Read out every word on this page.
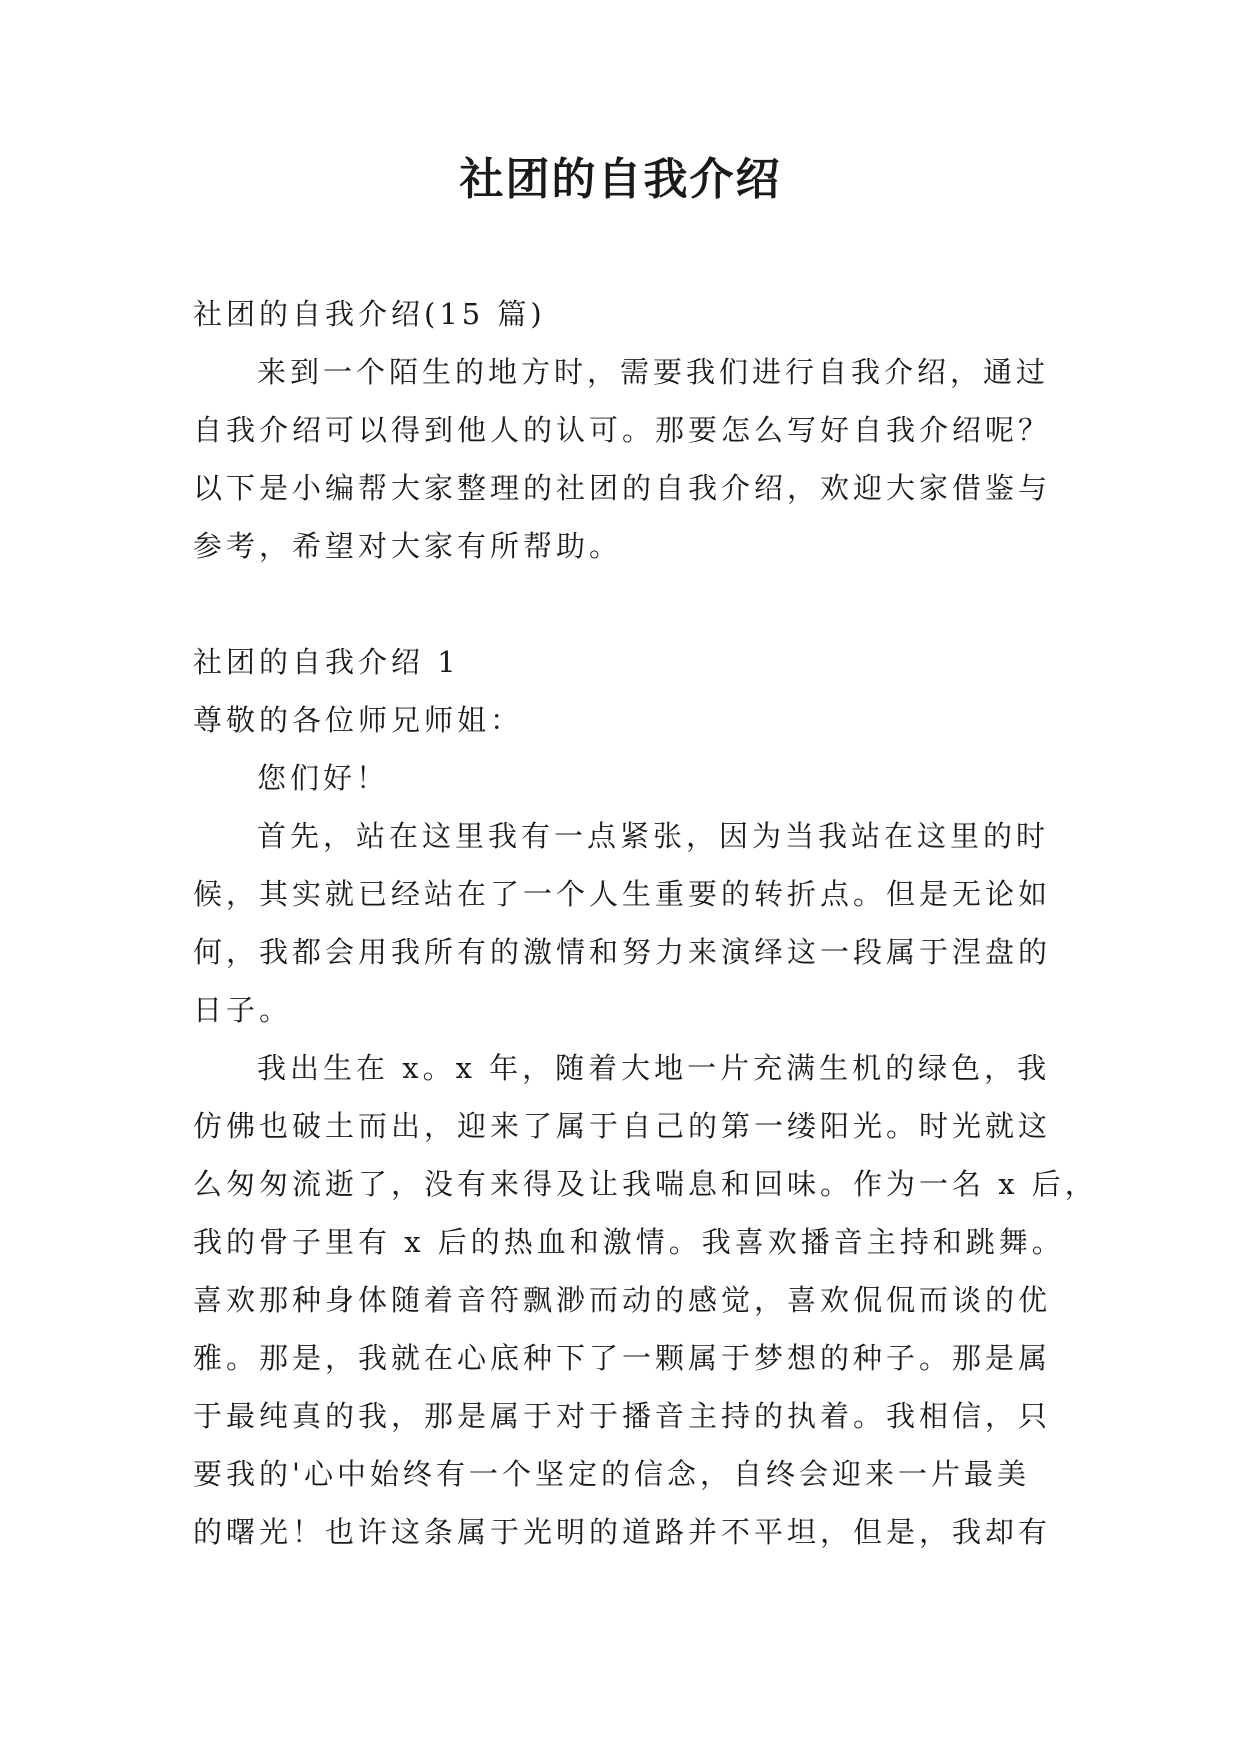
社团的自我介绍
社团的自我介绍(15 篇)
来到一个陌生的地方时，需要我们进行自我介绍，通过
自我介绍可以得到他人的认可。那要怎么写好自我介绍呢？
以下是小编帮大家整理的社团的自我介绍，欢迎大家借鉴与
参考，希望对大家有所帮助。
社团的自我介绍 1
尊敬的各位师兄师姐：
您们好！
首先，站在这里我有一点紧张，因为当我站在这里的时
候，其实就已经站在了一个人生重要的转折点。但是无论如
何，我都会用我所有的激情和努力来演绎这一段属于涅盘的
日子。
我出生在 x。x 年，随着大地一片充满生机的绿色，我
仿佛也破土而出，迎来了属于自己的第一缕阳光。时光就这
么匆匆流逝了，没有来得及让我喘息和回味。作为一名 x 后，
我的骨子里有 x 后的热血和激情。我喜欢播音主持和跳舞。
喜欢那种身体随着音符飘渺而动的感觉，喜欢侃侃而谈的优
雅。那是，我就在心底种下了一颗属于梦想的种子。那是属
于最纯真的我，那是属于对于播音主持的执着。我相信，只
要我的'心中始终有一个坚定的信念，自终会迎来一片最美
的曙光！也许这条属于光明的道路并不平坦，但是，我却有
